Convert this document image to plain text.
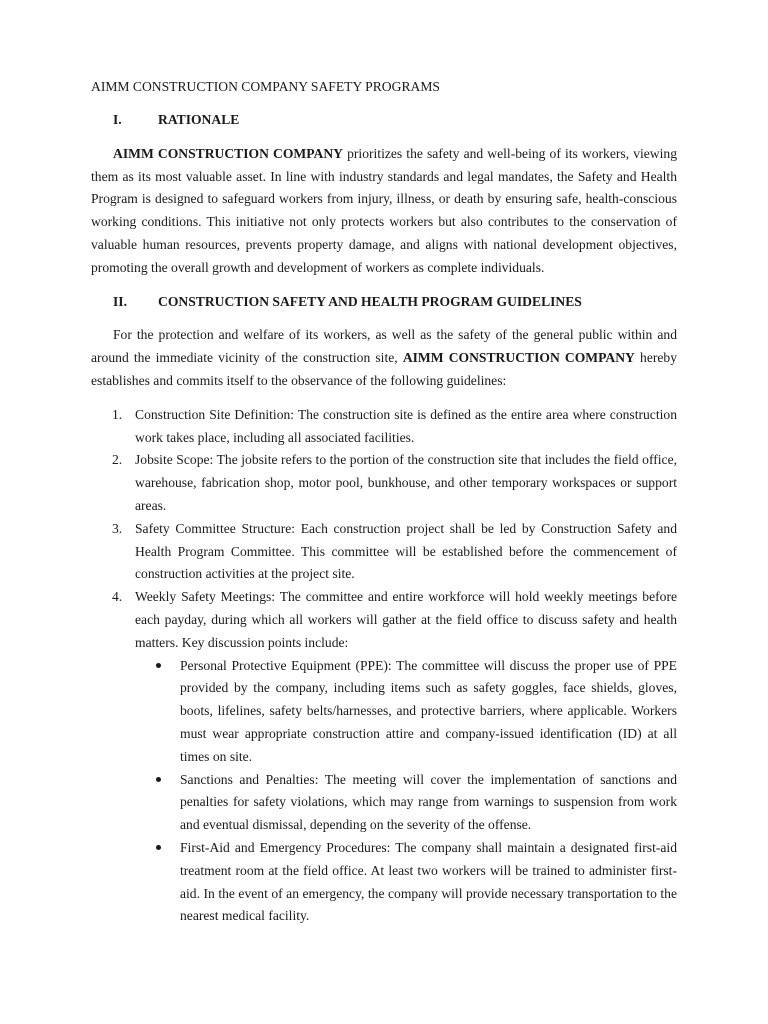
AIMM CONSTRUCTION COMPANY SAFETY PROGRAMS

I.	RATIONALE

AIMM CONSTRUCTION COMPANY prioritizes the safety and well-being of its workers, viewing them as its most valuable asset. In line with industry standards and legal mandates, the Safety and Health Program is designed to safeguard workers from injury, illness, or death by ensuring safe, health-conscious working conditions. This initiative not only protects workers but also contributes to the conservation of valuable human resources, prevents property damage, and aligns with national development objectives, promoting the overall growth and development of workers as complete individuals.

II.	CONSTRUCTION SAFETY AND HEALTH PROGRAM GUIDELINES

For the protection and welfare of its workers, as well as the safety of the general public within and around the immediate vicinity of the construction site, AIMM CONSTRUCTION COMPANY hereby establishes and commits itself to the observance of the following guidelines:

1. Construction Site Definition: The construction site is defined as the entire area where construction work takes place, including all associated facilities.
2. Jobsite Scope: The jobsite refers to the portion of the construction site that includes the field office, warehouse, fabrication shop, motor pool, bunkhouse, and other temporary workspaces or support areas.
3. Safety Committee Structure: Each construction project shall be led by Construction Safety and Health Program Committee. This committee will be established before the commencement of construction activities at the project site.
4. Weekly Safety Meetings: The committee and entire workforce will hold weekly meetings before each payday, during which all workers will gather at the field office to discuss safety and health matters. Key discussion points include:
Personal Protective Equipment (PPE): The committee will discuss the proper use of PPE provided by the company, including items such as safety goggles, face shields, gloves, boots, lifelines, safety belts/harnesses, and protective barriers, where applicable. Workers must wear appropriate construction attire and company-issued identification (ID) at all times on site.
Sanctions and Penalties: The meeting will cover the implementation of sanctions and penalties for safety violations, which may range from warnings to suspension from work and eventual dismissal, depending on the severity of the offense.
First-Aid and Emergency Procedures: The company shall maintain a designated first-aid treatment room at the field office. At least two workers will be trained to administer first-aid. In the event of an emergency, the company will provide necessary transportation to the nearest medical facility.
